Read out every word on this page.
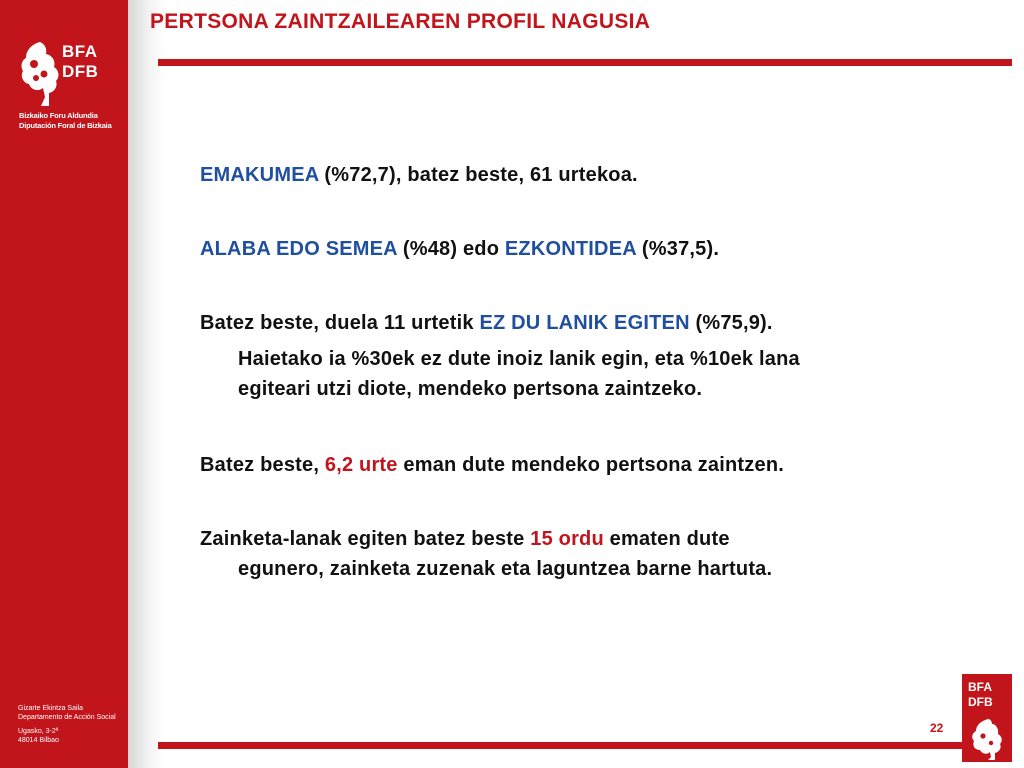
BFA
DFB
Bizkaiko Foru Aldundia
Diputación Foral de Bizkaia
Gizarte Ekintza Saila
Departamento de Acción Social
Ugasko, 3-2ª
48014 Bilbao
PERTSONA ZAINTZAILEAREN PROFIL NAGUSIA

EMAKUMEA (%72,7), batez beste, 61 urtekoa.

ALABA EDO SEMEA (%48) edo EZKONTIDEA (%37,5).

Batez beste, duela 11 urtetik EZ DU LANIK EGITEN (%75,9).

Haietako ia %30ek ez dute inoiz lanik egin, eta %10ek lana

egiteari utzi diote, mendeko pertsona zaintzeko.

Batez beste, 6,2 urte eman dute mendeko pertsona zaintzen.

Zainketa-lanak egiten batez beste 15 ordu ematen dute

egunero, zainketa zuzenak eta laguntzea barne hartuta.

22
BFA
DFB
